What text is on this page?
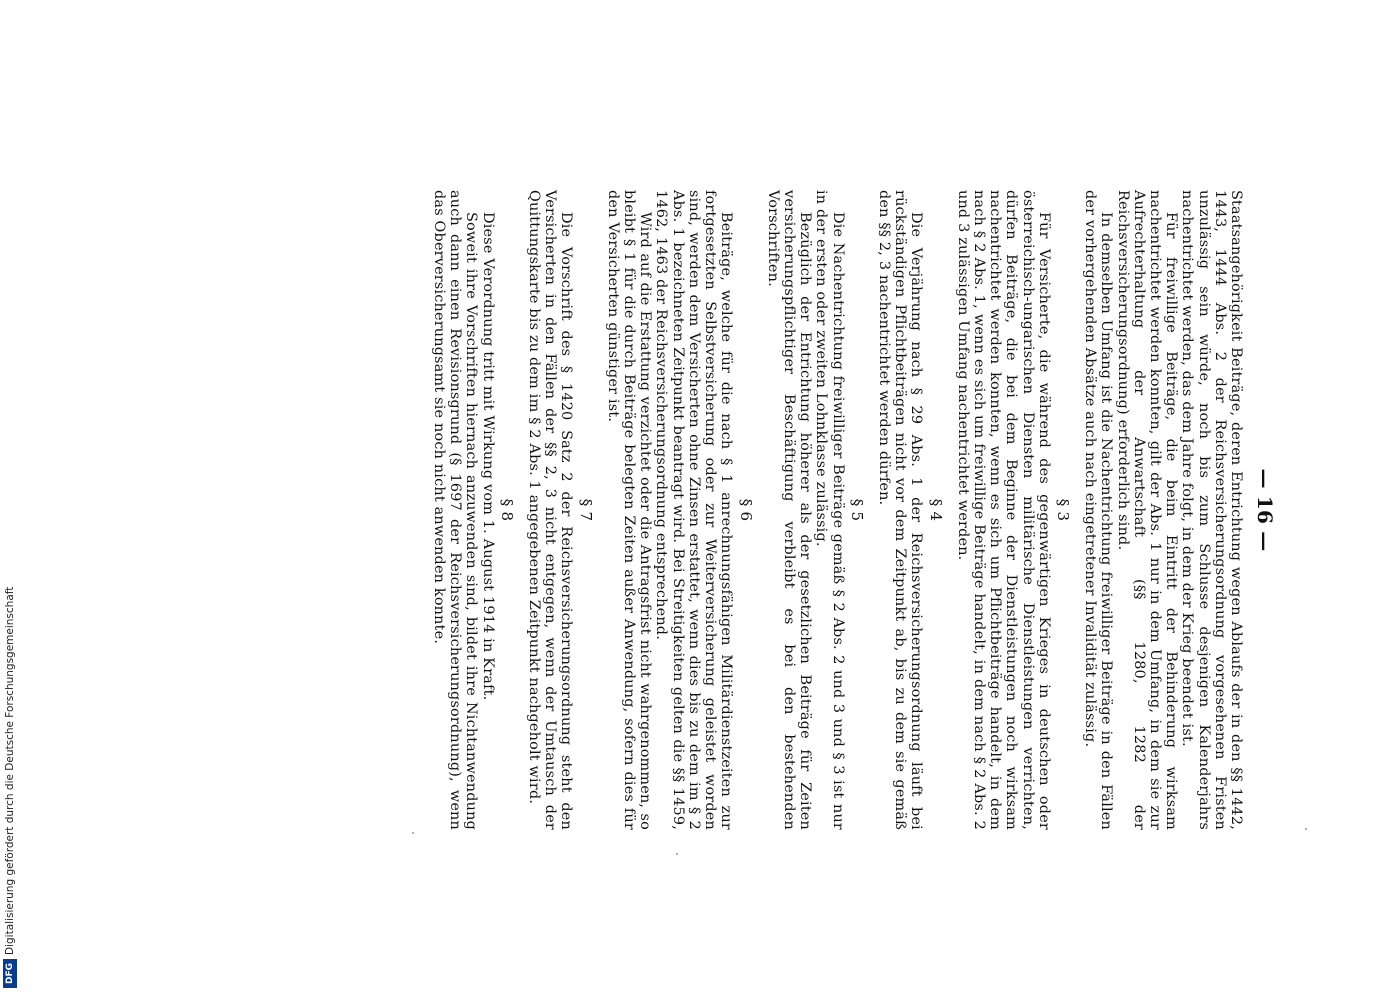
— 16 —

Staatsangehörigkeit Beiträge, deren Entrichtung wegen Ablaufs der in den §§ 1442, 1443, 1444 Abs. 2 der Reichsversicherungsordnung vorgesehenen Fristen unzulässig sein würde, noch bis zum Schlusse desjenigen Kalenderjahrs nachentrichtet werden, das dem Jahre folgt, in dem der Krieg beendet ist.

Für freiwillige Beiträge, die beim Eintritt der Behinderung wirksam nachentrichtet werden konnten, gilt der Abs. 1 nur in dem Umfang, in dem sie zur Aufrechterhaltung der Anwartschaft (§§ 1280, 1282 der Reichsversicherungsordnung) erforderlich sind.

In demselben Umfang ist die Nachentrichtung freiwilliger Beiträge in den Fällen der vorhergehenden Absätze auch nach eingetretener Invalidität zulässig.

§ 3

Für Versicherte, die während des gegenwärtigen Krieges in deutschen oder österreichisch-ungarischen Diensten militärische Dienstleistungen verrichten, dürfen Beiträge, die bei dem Beginne der Dienstleistungen noch wirksam nachentrichtet werden konnten, wenn es sich um Pflichtbeiträge handelt, in dem nach § 2 Abs. 1, wenn es sich um freiwillige Beiträge handelt, in dem nach § 2 Abs. 2 und 3 zulässigen Umfang nachentrichtet werden.

§ 4

Die Verjährung nach § 29 Abs. 1 der Reichsversicherungsordnung läuft bei rückständigen Pflichtbeiträgen nicht vor dem Zeitpunkt ab, bis zu dem sie gemäß den §§ 2, 3 nachentrichtet werden dürfen.

§ 5

Die Nachentrichtung freiwilliger Beiträge gemäß § 2 Abs. 2 und 3 und § 3 ist nur in der ersten oder zweiten Lohnklasse zulässig.

Bezüglich der Entrichtung höherer als der gesetzlichen Beiträge für Zeiten versicherungspflichtiger Beschäftigung verbleibt es bei den bestehenden Vorschriften.

§ 6

Beiträge, welche für die nach § 1 anrechnungsfähigen Militärdienstzeiten zur fortgesetzten Selbstversicherung oder zur Weiterversicherung geleistet worden sind, werden dem Versicherten ohne Zinsen erstattet, wenn dies bis zu dem im § 2 Abs. 1 bezeichneten Zeitpunkt beantragt wird. Bei Streitigkeiten gelten die §§ 1459, 1462, 1463 der Reichsversicherungsordnung entsprechend.

Wird auf die Erstattung verzichtet oder die Antragsfrist nicht wahrgenommen, so bleibt § 1 für die durch Beiträge belegten Zeiten außer Anwendung, sofern dies für den Versicherten günstiger ist.

§ 7

Die Vorschrift des § 1420 Satz 2 der Reichsversicherungsordnung steht den Versicherten in den Fällen der §§ 2, 3 nicht entgegen, wenn der Umtausch der Quittungskarte bis zu dem im § 2 Abs. 1 angegebenen Zeitpunkt nachgeholt wird.

§ 8

Diese Verordnung tritt mit Wirkung vom 1. August 1914 in Kraft.

Soweit ihre Vorschriften hiernach anzuwenden sind, bildet ihre Nichtanwendung auch dann einen Revisionsgrund (§ 1697 der Reichsversicherungsordnung), wenn das Oberversicherungsamt sie noch nicht anwenden konnte.

DFG
Digitalisierung gefördert durch die Deutsche Forschungsgemeinschaft
